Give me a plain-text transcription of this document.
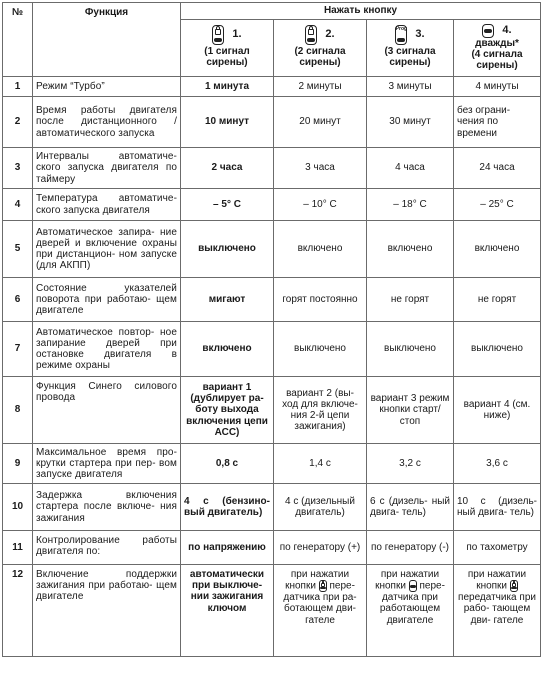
№	Функция	Нажать кнопку			

		1.
(1 сигнал
сирены)	2.
(2 сигнала
сирены)	Prog 3.
(3 сигнала
сирены)	4.
дважды*
(4 сигнала
сирены)

1	Режим “Турбо”	1 минута	2 минуты	3 минуты	4 минуты
2	Время работы двигателя после дистанционного / автоматического запуска	10 минут	20 минут	30 минут	без ограни- чения по времени
3	Интервалы автоматиче- ского запуска двигателя по таймеру	2 часа	3 часа	4 часа	24 часа
4	Температура автоматиче- ского запуска двигателя	– 5° С	– 10° С	– 18° С	– 25° С
5	Автоматическое запира- ние дверей и включение охраны при дистанцион- ном запуске (для АКПП)	выключено	включено	включено	включено
6	Состояние указателей поворота при работаю- щем двигателе	мигают	горят постоянно	не горят	не горят
7	Автоматическое повтор- ное запирание дверей при остановке двигателя в режиме охраны	включено	выключено	выключено	выключено
8	Функция Синего силового провода	вариант 1 (дублирует ра- боту выхода включения цепи АСС)	вариант 2 (вы- ход для включе- ния 2-й цепи зажигания)	вариант 3 режим кнопки старт/стоп	вариант 4 (см. ниже)
9	Максимальное время про- крутки стартера при пер- вом запуске двигателя	0,8 с	1,4 с	3,2 с	3,6 с
10	Задержка включения стартера после включе- ния зажигания	4 с (бензино- вый двигатель)	4 с (дизельный двигатель)	6 с (дизель- ный двига- тель)	10 с (дизель- ный двига- тель)
11	Контролирование работы двигателя по:	по напряжению	по генератору (+)	по генератору (-)	по тахометру
12	Включение поддержки зажигания при работаю- щем двигателе	автоматически при выключе- нии зажигания ключом	при нажатии
кнопки пере- датчика при ра- ботающем дви- гателе	при нажатии
кнопки пере- датчика при работающем двигателе	при нажатии
кнопки
передатчика при рабо- тающем дви- гателе
